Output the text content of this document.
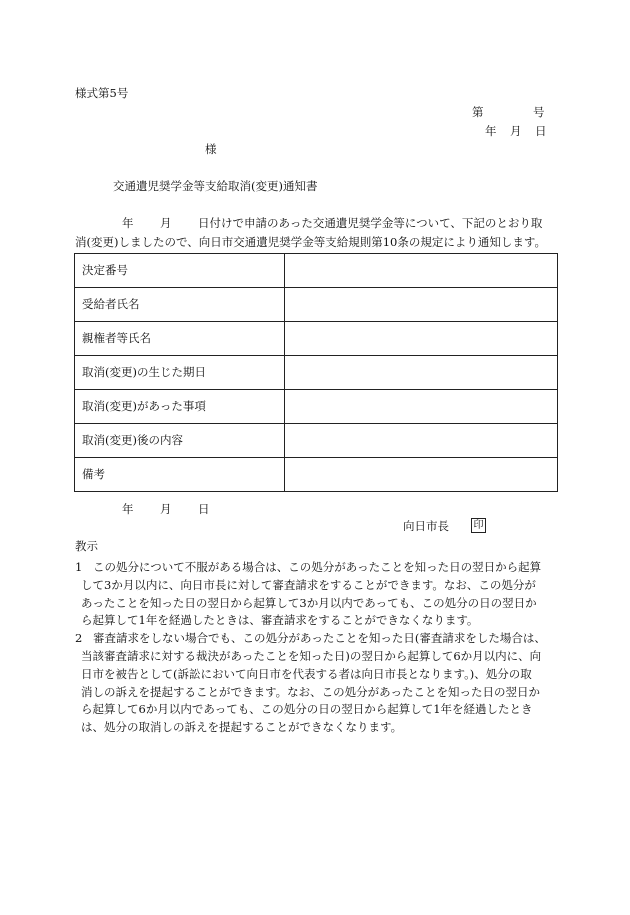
様式第5号
第	号
年 月 日
様
交通遺児奨学金等支給取消(変更)通知書
年 月 日付けで申請のあった交通遺児奨学金等について、下記のとおり取
消(変更)しましたので、向日市交通遺児奨学金等支給規則第10条の規定により通知します。
決定番号	
受給者氏名	
親権者等氏名	
取消(変更)の生じた期日	
取消(変更)があった事項	
取消(変更)後の内容	
備考	
年 月 日
向日市長 印
教示
1 この処分について不服がある場合は、この処分があったことを知った日の翌日から起算
して3か月以内に、向日市長に対して審査請求をすることができます。なお、この処分が
あったことを知った日の翌日から起算して3か月以内であっても、この処分の日の翌日か
ら起算して1年を経過したときは、審査請求をすることができなくなります。
2 審査請求をしない場合でも、この処分があったことを知った日(審査請求をした場合は、
当該審査請求に対する裁決があったことを知った日)の翌日から起算して6か月以内に、向
日市を被告として(訴訟において向日市を代表する者は向日市長となります。)、処分の取
消しの訴えを提起することができます。なお、この処分があったことを知った日の翌日か
ら起算して6か月以内であっても、この処分の日の翌日から起算して1年を経過したとき
は、処分の取消しの訴えを提起することができなくなります。
